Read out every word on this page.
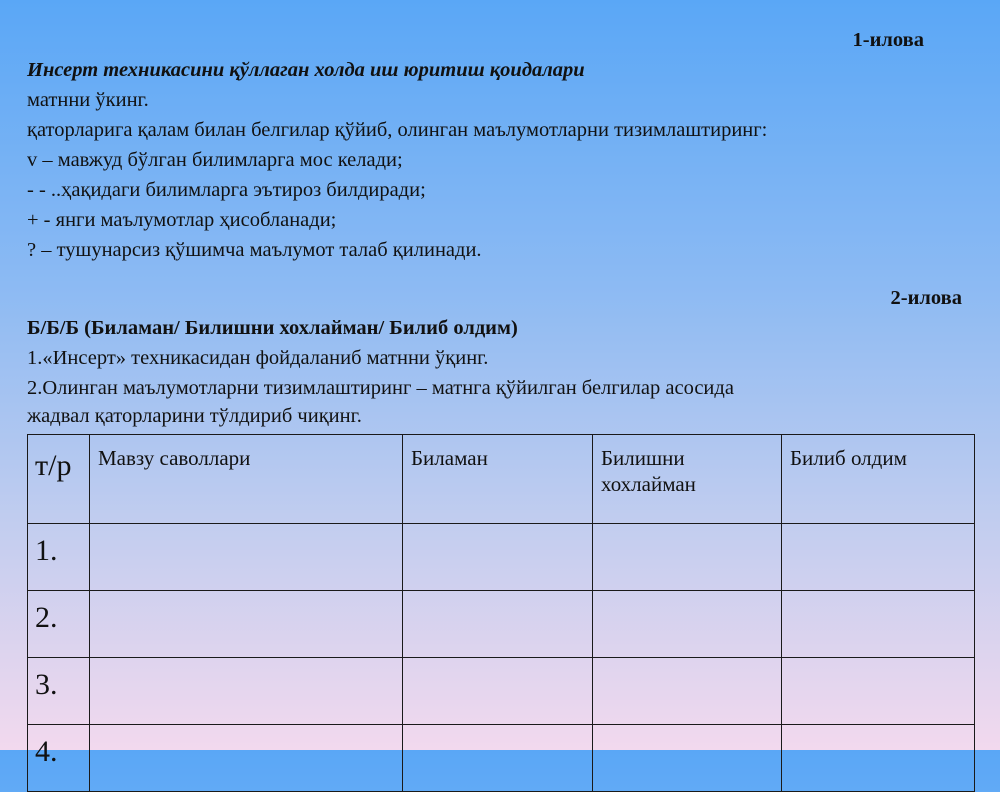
1-илова
Инсерт техникасини қўллаган холда иш юритиш қоидалари
матнни ўкинг.
қаторларига қалам билан белгилар қўйиб, олинган маълумотларни тизимлаштиринг:
v – мавжуд бўлган билимларга мос келади;
- - ..ҳақидаги билимларга эътироз билдиради;
+ - янги маълумотлар ҳисобланади;
? – тушунарсиз қўшимча маълумот талаб қилинади.
2-илова
Б/Б/Б (Биламан/ Билишни хохлайман/ Билиб олдим)
1.«Инсерт» техникасидан фойдаланиб матнни ўқинг.
2.Олинган маълумотларни тизимлаштиринг – матнга қўйилган белгилар асосида
жадвал қаторларини тўлдириб чиқинг.
т/р	Мавзу саволлари	Биламан	Билишни хохлайман	Билиб олдим
1.				
2.				
3.				
4.				
